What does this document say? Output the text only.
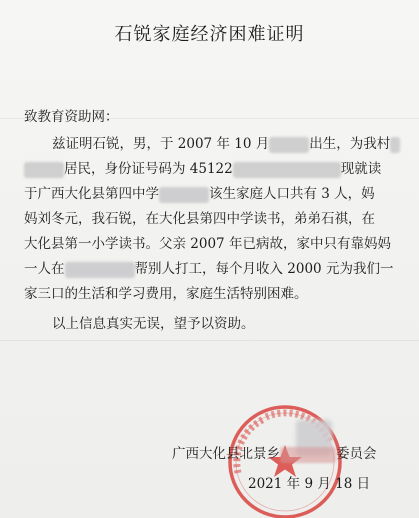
石锐家庭经济困难证明
致教育资助网：
兹证明石锐，男，于 2007 年 10 月	出生，为我村
居民，身份证号码为 45122	现就读
于广西大化县第四中学	该生家庭人口共有 3 人，妈
妈刘冬元，我石锐，在大化县第四中学读书，弟弟石祺，在
大化县第一小学读书。父亲 2007 年已病故，家中只有靠妈妈
一人在	帮别人打工，每个月收入 2000 元为我们一
家三口的生活和学习费用，家庭生活特别困难。
以上信息真实无误，望予以资助。
广西大化县北景乡	委员会
2021 年 9 月 18 日
